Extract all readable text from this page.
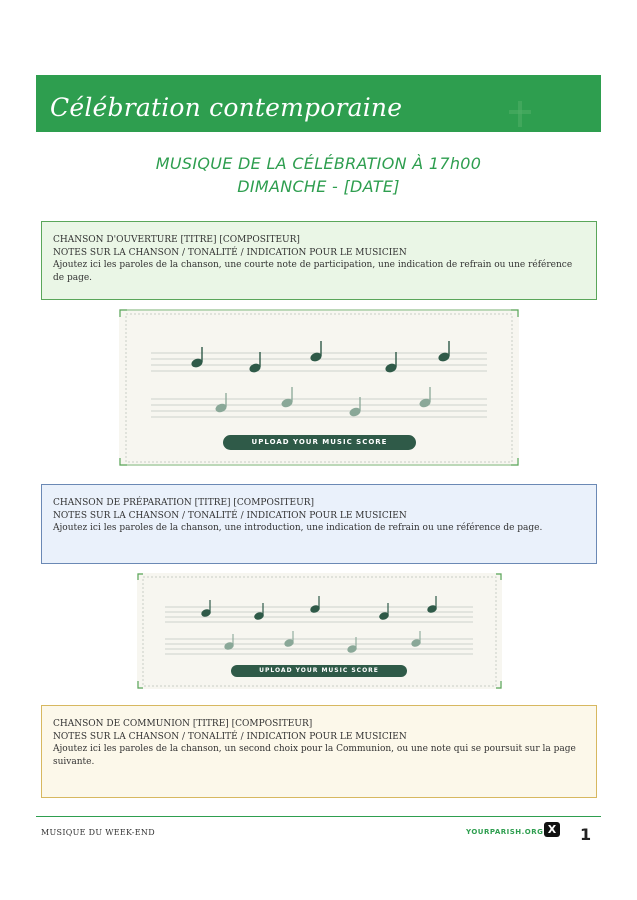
Célébration contemporaine
MUSIQUE DE LA CÉLÉBRATION À 17h00
DIMANCHE - [DATE]
CHANSON D'OUVERTURE [TITRE] [COMPOSITEUR]
NOTES SUR LA CHANSON / TONALITÉ / INDICATION POUR LE MUSICIEN
Ajoutez ici les paroles de la chanson, une courte note de participation, une indication de refrain ou une référence de page.
UPLOAD YOUR MUSIC SCORE
CHANSON DE PRÉPARATION [TITRE] [COMPOSITEUR]
NOTES SUR LA CHANSON / TONALITÉ / INDICATION POUR LE MUSICIEN
Ajoutez ici les paroles de la chanson, une introduction, une indication de refrain ou une référence de page.
UPLOAD YOUR MUSIC SCORE
CHANSON DE COMMUNION [TITRE] [COMPOSITEUR]
NOTES SUR LA CHANSON / TONALITÉ / INDICATION POUR LE MUSICIEN
Ajoutez ici les paroles de la chanson, un second choix pour la Communion, ou une note qui se poursuit sur la page suivante.
MUSIQUE DU WEEK-END	YOURPARISH.ORG X 1
